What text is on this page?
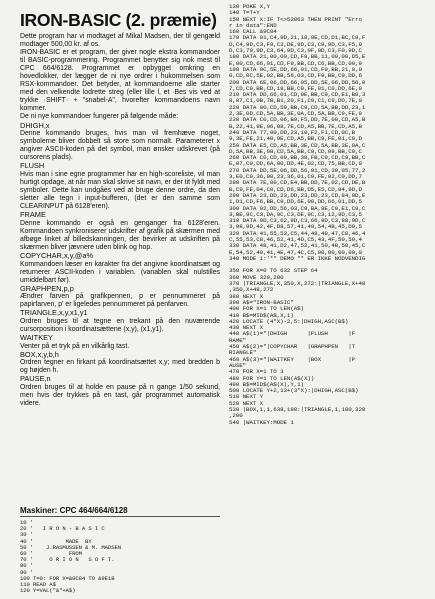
IRON-BASIC (2. præmie)

Dette program har vi modtaget af Mikal Madsen, der til gengæld modtager 500,00 kr. af os.

IRON-BASIC er et program, der giver nogle ekstra kommandoer til BASIC-programmering. Programmet benytter sig nok mest til CPC 664/6128. Programmet er opbygget omkring en hovedlokker, der lægger de ni nye ordrer i hukommelsen som RSX-kommandoer. Det betyder, at kommandoerne alle starter med den velkendte lodrette streg (eller lille l, et ·Bes vis ved at trykke ·SHIFT· + "snabel-A", hvorefter kommandoens navn kommer.

De ni nye kommandoer fungerer på følgende måde:

DHIGH,x

Denne kommando bruges, hvis man vil fremhæve noget, symbolerne bliver dobbelt så store som normalt. Parameteret x angiver ASCII-koden på det symbol, man ønsker udskrevet (på cursorens plads).

FLUSH

Hvis man i sine egne programmer har en high-scoreliste, vil man hurtigt opdage, at når man skal skrive sit navn, er der tit fyldt med symboler. Dette kan undgåes ved at bruge denne ordre, da den sletter alle tegn i input-bufferen, (det er den samme som CLEARINPUT på 6128'eren).

FRAME

Denne kommando er også en genganger fra 6128'eren. Kommandoen synkroniserer udskrifter af grafik på skærmen med afbøge linket af billedskanningen, der bevirker at udskriften på skærmen bliver jævnere uden blink og hop.

COPYCHAR,x,y,@a%

Kommandoen læser en karakter fra det angivne koordinatsæt og returnerer ASCII-koden i variablen. (variablen skal nulstilles umiddelbart før).

GRAPHPEN,p,p

Ændrer farven på grafikpennen, p er pennummeret på papirfarven, p' er ligeledes pennummeret på penfarven.

TRIANGLE,x,y,x1,y1

Ordren bruges til at tegne en trekant på den nuværende cursorposition i koordinatsættene (x,y), (x1,y1).

WAITKEY

Venter på et tryk på en vilkårlig tast.

BOX,x,y,b,h

Ordren tegner en firkant på koordinatsættet x,y; med bredden b og højden h.

PAUSE,n

Ordren bruges til at holde en pause på n gange 1/50 sekund, men hvis der trykkes på en tast, går programmet automatisk videre.

Maskiner: CPC 464/664/6128
10 '
20 '   I R O N - B A S I C
30 '
40 '          MADE  BY
50 '    J.RASMUSSEN & M. MADSEN
60 '           FROM
70 '     O R I O N   S O F T.
80 '
90 '
100 T=0: FOR X=&9C84 TO &9E1B
110 READ A$
120 Y=VAL("&"+A$)
130 POKE X,Y
140 T=T+Y
150 NEXT X:IF T<>52863 THEN PRINT "Erro
r in data":END
160 CALL &9C84
170 DATA 01,C4,9D,21,18,9E,CD,D1,BC,C9,F
D,C4,9D,C3,F9,C3,DE,9D,C3,C9,9D,C3,F5,9
D,C3,79,9D,C3,64,9D,C3,0F,9D,C3,F0,9D,C
180 DATA 21,00,00,CD,F9,BB,11,00,00,D5,E
E,00,CD,66,01,CD,F9,BB,CD,C6,BB,CD,09,9
190 DATA 0C,5E,DD,66,01,CD,F9,BB,21,0,0
0,CD,0C,5E,02,BB,56,03,CD,F9,BB,C9,DD,6
200 DATA 6E,06,DD,66,05,DD,5E,06,DD,56,0
7,CD,C9,BB,CD,18,BB,C9,FE,01,C0,DD,6E,0
210 DATA DD,66,01,CD,0E,BB,C9,CD,E1,B8,3
8,07,C1,0B,7B,B1,20,F1,C9,C1,C9,DD,7E,0
220 DATA 00,CD,59,BB,C9,CD,5A,BB,DD,23,1
2,3E,0D,CD,5A,BB,3E,0A,CD,5A,BB,C9,FE,0
230 DATA C0,CD,06,B9,F5,DD,7E,00,CD,A5,B
B,22,41,9E,06,08,7E,CD,A5,BB,7E,CD,A5,B
240 DATA 77,00,DD,23,10,F2,F1,CD,0C,B
9,3E,FE,21,40,9E,CD,A5,BB,C9,FE,01,C0,D
250 DATA E5,CD,A5,BB,3E,CD,5A,BB,3E,0A,C
D,5A,BB,3E,08,CD,5A,BB,C9,CD,09,BB,C9,C
260 DATA C0,CD,09,BB,38,FB,C9,CD,C9,BB,C
E,07,C0,DD,6A,00,DD,4E,02,CD,75,BB,CD,0
270 DATA DD,5E,06,DD,56,01,CD,30,05,77,2
3,E0,C9,36,00,23,36,01,C9,FE,02,C0,DD,7
280 DATA 7E,00,CD,E4,BB,DD,7E,02,CD,DE,B
B,C9,FE,04,C0,CD,D6,BB,D5,E5,CD,84,9D,D
290 DATA 23,DD,23,DD,23,DD,23,CD,84,9D,E
1,D1,CD,F6,BB,C9,DD,6E,00,DD,66,01,DD,5
300 DATA 02,DD,56,03,C9,BA,9E,C9,E1,C9,C
3,BE,9C,C3,DA,9C,C3,DE,9C,C3,12,9D,C3,5
310 DATA 9D,C3,62,9D,C3,66,9D,C3,88,9D,C
3,98,9D,42,4F,D8,57,41,49,54,4B,45,D9,5
320 DATA 41,55,53,C5,44,48,49,47,C8,46,4
C,55,53,C8,46,52,41,4D,C5,43,4F,50,59,4
330 DATA 48,41,D2,47,52,41,50,48,50,45,C
E,54,52,49,41,4E,47,4C,C5,00,00,00,00,0
340 MODE 1:'** DEMO ** ER IKKE NODVENDIG

350 FOR X=0 TO 632 STEP 64
360 MOVE 320,200
370 |TRIANGLE,X,350,X,272:|TRIANGLE,X+48
,350,X+48,272
380 NEXT X
390 A$="IRON-BASIC"
400 FOR X=1 TO LEN(A$)
410 B$=MID$(A$,X,1)
420 LOCATE (4*X)-2,5:|DHIGH,ASC(B$)
430 NEXT X
440 A$(1)="|DHIGH      |FLUSH      |F
RAME"
450 A$(2)="|COPYCHAR   |GRAPHPEN   |T
RIANGLE"
460 A$(3)="|WAITKEY    |BOX        |P
AUSE"
470 FOR X=1 TO 3
480 FOR Y=1 TO LEN(A$(X))
490 B$=MID$(A$(X),Y,1)
500 LOCATE Y+2,13+(3*X):|DHIGH,ASC(B$)
510 NEXT Y
520 NEXT X
530 |BOX,1,1,638,180:|TRIANGLE,1,180,320
,200
540 |WAITKEY:MODE 1
